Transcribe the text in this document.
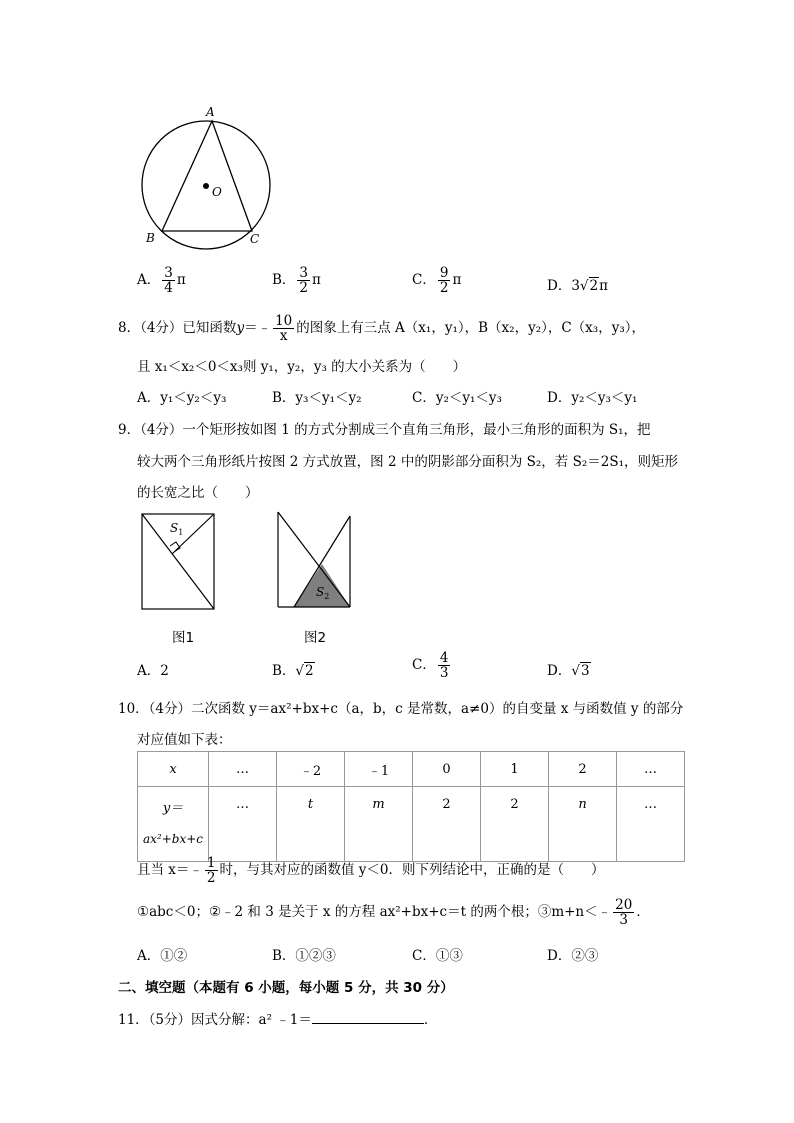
A
O
B	C
A． $\frac{3}{4}$ π	B． $\frac{3}{2}$ π	C． $\frac{9}{2}$ π	D．3√2π
8．（4分）已知函数y＝﹣ $\frac{10}{x}$ 的图象上有三点 A（x₁，y₁），B（x₂，y₂），C（x₃，y₃），
且 x₁＜x₂＜0＜x₃则 y₁，y₂，y₃ 的大小关系为（　　）
A．y₁＜y₂＜y₃	B．y₃＜y₁＜y₂	C．y₂＜y₁＜y₃	D．y₂＜y₃＜y₁
9．（4分）一个矩形按如图 1 的方式分割成三个直角三角形，最小三角形的面积为 S₁，把
较大两个三角形纸片按图 2 方式放置，图 2 中的阴影部分面积为 S₂，若 S₂＝2S₁，则矩形
的长宽之比（　　）
$S_1$
$S_2$
图1	图2
A．2	B．√2	C． $\frac{4}{3}$	D．√3
10．（4分）二次函数 y＝ax²+bx+c（a，b，c 是常数，a≠0）的自变量 x 与函数值 y 的部分
对应值如下表：
x	…	﹣2	﹣1	0	1	2	…
y＝
ax²+bx+c	…	t	m	2	2	n	…
且当 x＝﹣ $\frac{1}{2}$ 时，与其对应的函数值 y＜0．则下列结论中，正确的是（　　）
①abc＜0；②﹣2 和 3 是关于 x 的方程 ax²+bx+c＝t 的两个根；③m+n＜﹣ $\frac{20}{3}$ ．
A．①②	B．①②③	C．①③	D．②③
二、填空题（本题有 6 小题，每小题 5 分，共 30 分）
11．（5分）因式分解：a² ﹣1＝	．
